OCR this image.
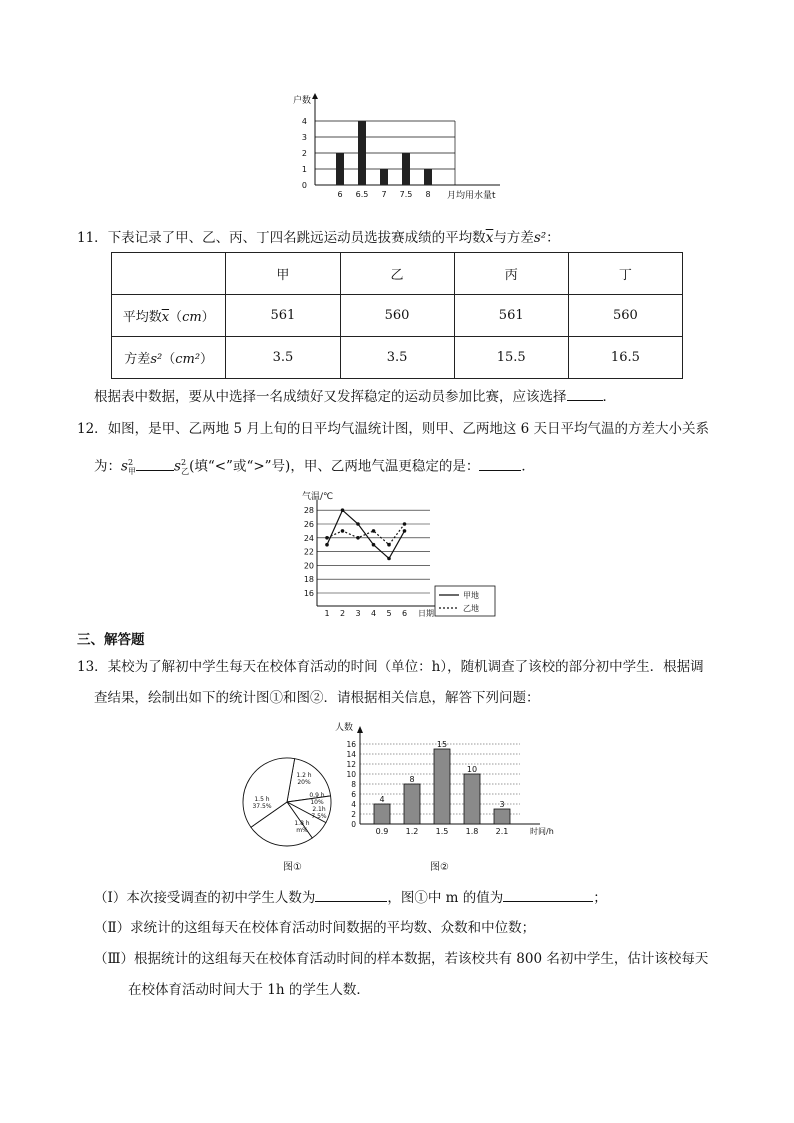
户数
0
1
2
3
4
6 6.5 7 7.5 8 月均用水量t
11．下表记录了甲、乙、丙、丁四名跳远运动员选拔赛成绩的平均数$\overline{x}$与方差s²：
	甲	乙	丙	丁
平均数$\overline{x}(cm)$	561	560	561	560
方差s²（cm²）	3.5	3.5	15.5	16.5
根据表中数据，要从中选择一名成绩好又发挥稳定的运动员参加比赛，应该选择	．
12．如图，是甲、乙两地 5 月上旬的日平均气温统计图，则甲、乙两地这 6 天日平均气温的方差大小关系
为：$s^2_甲$	$s^2_乙$(填“<”或“>”号)，甲、乙两地气温更稳定的是：	．
气温/℃
16
18
20
22
24
26
28
1 2 3 4 5 6 日期
甲地
乙地
三、解答题
13．某校为了解初中学生每天在校体育活动的时间（单位：h），随机调查了该校的部分初中学生．根据调
查结果，绘制出如下的统计图①和图②．请根据相关信息，解答下列问题：
1.2 h
20%
0.9 h
10%
2.1h
7.5%
1.8 h
m%
1.5 h
37.5%
人数
0
2
4
6
8
10
12
14
16
4
0.9
8
1.2
15
1.5
10
1.8
3
2.1	时间/h
图①	图②
（Ⅰ）本次接受调查的初中学生人数为	，图①中 m 的值为	；
（Ⅱ）求统计的这组每天在校体育活动时间数据的平均数、众数和中位数；
（Ⅲ）根据统计的这组每天在校体育活动时间的样本数据，若该校共有 800 名初中学生，估计该校每天
在校体育活动时间大于 1h 的学生人数．
